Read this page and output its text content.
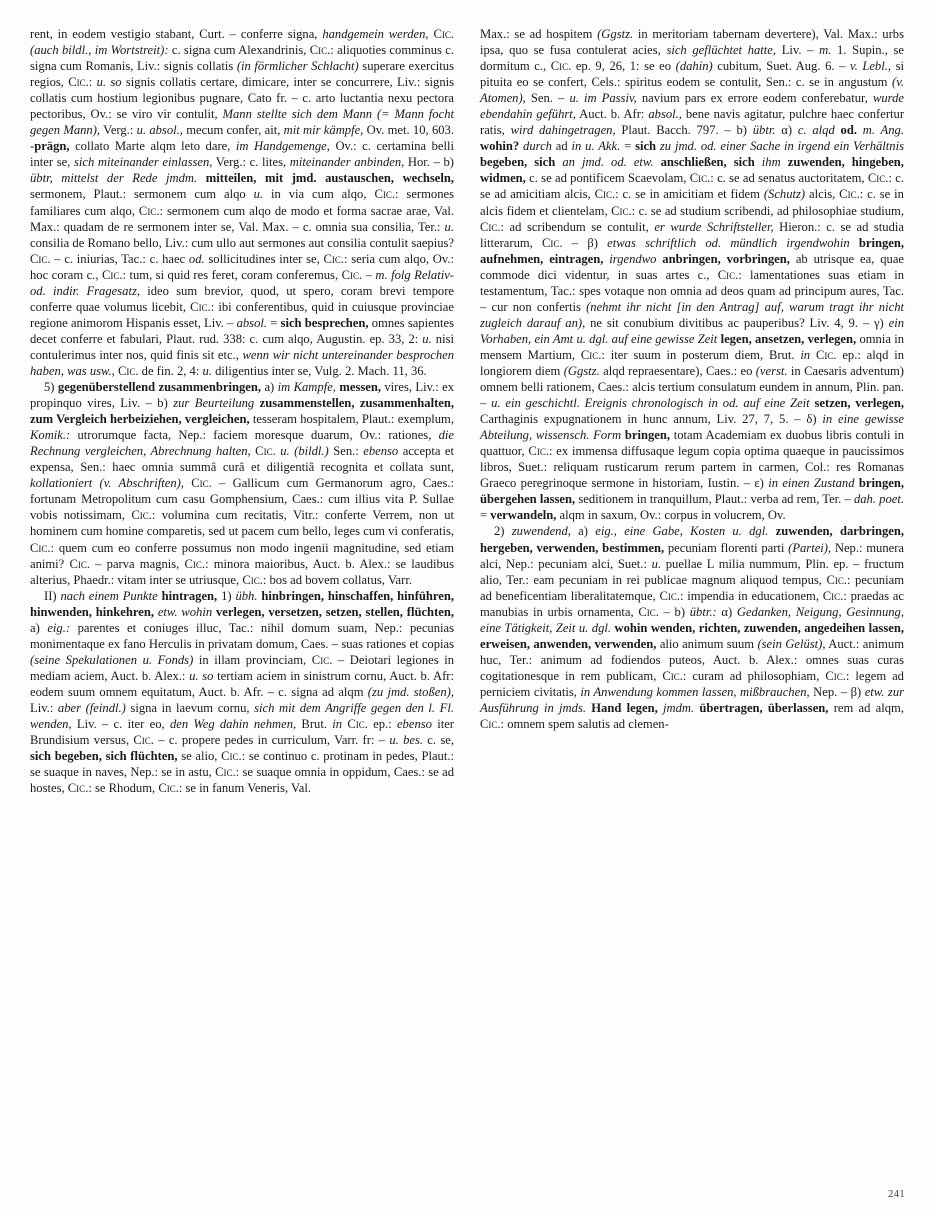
rent, in eodem vestigio stabant, Curt. – conferre signa, handgemein werden, Cic. (auch bildl., im Wortstreit): c. signa cum Alexandrinis, Cic.: aliquoties comminus c. signa cum Romanis, Liv.: signis collatis (in förmlicher Schlacht) superare exercitus regios, Cic.: u. so signis collatis certare, dimicare, inter se concurrere, Liv.: signis collatis cum hostium legionibus pugnare, Cato fr. – c. arto luctantia nexu pectora pectoribus, Ov.: se viro vir contulit, Mann stellte sich dem Mann (= Mann focht gegen Mann), Verg.: u. absol., mecum confer, ait, mit mir kämpfe, Ov. met. 10, 603. -prägn, collato Marte alqm leto dare, im Handgemenge, Ov.: c. certamina belli inter se, sich miteinander einlassen, Verg.: c. lites, miteinander anbinden, Hor. – b) übtr, mittelst der Rede jmdm. mitteilen, mit jmd. austauschen, wechseln, sermonem, Plaut.: sermonem cum alqo u. in via cum alqo, Cic.: sermones familiares cum alqo, Cic.: sermonem cum alqo de modo et forma sacrae arae, Val. Max.: quadam de re sermonem inter se, Val. Max. – c. omnia sua consilia, Ter.: u. consilia de Romano bello, Liv.: cum ullo aut sermones aut consilia contulit saepius? Cic. – c. iniurias, Tac.: c. haec od. sollicitudines inter se, Cic.: seria cum alqo, Ov.: hoc coram c., Cic.: tum, si quid res feret, coram conferemus, Cic. – m. folg Relativ- od. indir. Fragesatz, ideo sum brevior, quod, ut spero, coram brevi tempore conferre quae volumus licebit, Cic.: ibi conferentibus, quid in cuiusque provinciae regione animorom Hispanis esset, Liv. – absol. = sich besprechen, omnes sapientes decet conferre et fabulari, Plaut. rud. 338: c. cum alqo, Augustin. ep. 33, 2: u. nisi contulerimus inter nos, quid finis sit etc., wenn wir nicht untereinander besprochen haben, was usw., Cic. de fin. 2, 4: u. diligentius inter se, Vulg. 2. Mach. 11, 36.

5) gegenüberstellend zusammenbringen, a) im Kampfe, messen, vires, Liv.: ex propinquo vires, Liv. – b) zur Beurteilung zusammenstellen, zusammenhalten, zum Vergleich herbeiziehen, vergleichen, tesseram hospitalem, Plaut.: exemplum, Komik.: utrorumque facta, Nep.: faciem moresque duarum, Ov.: rationes, die Rechnung vergleichen, Abrechnung halten, Cic. u. (bildl.) Sen.: ebenso accepta et expensa, Sen.: haec omnia summâ curâ et diligentiâ recognita et collata sunt, kollationiert (v. Abschriften), Cic. – Gallicum cum Germanorum agro, Caes.: fortunam Metropolitum cum casu Gomphensium, Caes.: cum illius vita P. Sullae vobis notissimam, Cic.: volumina cum recitatis, Vitr.: conferte Verrem, non ut hominem cum homine comparetis, sed ut pacem cum bello, leges cum vi conferatis, Cic.: quem cum eo conferre possumus non modo ingenii magnitudine, sed etiam animi? Cic. – parva magnis, Cic.: minora maioribus, Auct. b. Alex.: se laudibus alterius, Phaedr.: vitam inter se utriusque, Cic.: bos ad bovem collatus, Varr.

II) nach einem Punkte hintragen, 1) übh. hinbringen, hinschaffen, hinführen, hinwenden, hinkehren, etw. wohin verlegen, versetzen, setzen, stellen, flüchten, a) eig.: parentes et coniuges illuc, Tac.: nihil domum suam, Nep.: pecunias monimentaque ex fano Herculis in privatam domum, Caes. – suas rationes et copias (seine Spekulationen u. Fonds) in illam provinciam, Cic. – Deiotari legiones in mediam aciem, Auct. b. Alex.: u. so tertiam aciem in sinistrum cornu, Auct. b. Afr: eodem suum omnem equitatum, Auct. b. Afr. – c. signa ad alqm (zu jmd. stoßen), Liv.: aber (feindl.) signa in laevum cornu, sich mit dem Angriffe gegen den l. Fl. wenden, Liv. – c. iter eo, den Weg dahin nehmen, Brut. in Cic. ep.: ebenso iter Brundisium versus, Cic. – c. propere pedes in curriculum, Varr. fr: – u. bes. c. se, sich begeben, sich flüchten, se alio, Cic.: se continuo c. protinam in pedes, Plaut.: se suaque in naves, Nep.: se in astu, Cic.: se suaque omnia in oppidum, Caes.: se ad hostes, Cic.: se Rhodum, Cic.: se in fanum Veneris, Val.

Max.: se ad hospitem (Ggstz. in meritoriam tabernam devertere), Val. Max.: urbs ipsa, quo se fusa contulerat acies, sich geflüchtet hatte, Liv. – m. 1. Supin., se dormitum c., Cic. ep. 9, 26, 1: se eo (dahin) cubitum, Suet. Aug. 6. – v. Lebl., si pituita eo se confert, Cels.: spiritus eodem se contulit, Sen.: c. se in angustum (v. Atomen), Sen. – u. im Passiv, navium pars ex errore eodem conferebatur, wurde ebendahin geführt, Auct. b. Afr: absol., bene navis agitatur, pulchre haec confertur ratis, wird dahingetragen, Plaut. Bacch. 797. – b) übtr. α) c. alqd od. m. Ang. wohin? durch ad in u. Akk. = sich zu jmd. od. einer Sache in irgend ein Verhältnis begeben, sich an jmd. od. etw. anschließen, sich ihm zuwenden, hingeben, widmen, c. se ad pontificem Scaevolam, Cic.: c. se ad senatus auctoritatem, Cic.: c. se ad amicitiam alcis, Cic.: c. se in amicitiam et fidem (Schutz) alcis, Cic.: c. se in alcis fidem et clientelam, Cic.: c. se ad studium scribendi, ad philosophiae studium, Cic.: ad scribendum se contulit, er wurde Schriftsteller, Hieron.: c. se ad studia litterarum, Cic. – β) etwas schriftlich od. mündlich irgendwohin bringen, aufnehmen, eintragen, irgendwo anbringen, vorbringen, ab utrisque ea, quae commode dici videntur, in suas artes c., Cic.: lamentationes suas etiam in testamentum, Tac.: spes votaque non omnia ad deos quam ad principum aures, Tac. – cur non confertis (nehmt ihr nicht [in den Antrag] auf, warum tragt ihr nicht zugleich darauf an), ne sit conubium divitibus ac pauperibus? Liv. 4, 9. – γ) ein Vorhaben, ein Amt u. dgl. auf eine gewisse Zeit legen, ansetzen, verlegen, omnia in mensem Martium, Cic.: iter suum in posterum diem, Brut. in Cic. ep.: alqd in longiorem diem (Ggstz. alqd repraesentare), Caes.: eo (verst. in Caesaris adventum) omnem belli rationem, Caes.: alcis tertium consulatum eundem in annum, Plin. pan. – u. ein geschichtl. Ereignis chronologisch in od. auf eine Zeit setzen, verlegen, Carthaginis expugnationem in hunc annum, Liv. 27, 7, 5. – δ) in eine gewisse Abteilung, wissensch. Form bringen, totam Academiam ex duobus libris contuli in quattuor, Cic.: ex immensa diffusaque legum copia optima quaeque in paucissimos libros, Suet.: reliquam rusticarum rerum partem in carmen, Col.: res Romanas Graeco peregrinoque sermone in historiam, Iustin. – ε) in einen Zustand bringen, übergehen lassen, seditionem in tranquillum, Plaut.: verba ad rem, Ter. – dah. poet. = verwandeln, alqm in saxum, Ov.: corpus in volucrem, Ov.

2) zuwendend, a) eig., eine Gabe, Kosten u. dgl. zuwenden, darbringen, hergeben, verwenden, bestimmen, pecuniam florenti parti (Partei), Nep.: munera alci, Nep.: pecuniam alci, Suet.: u. puellae L milia nummum, Plin. ep. – fructum alio, Ter.: eam pecuniam in rei publicae magnum aliquod tempus, Cic.: pecuniam ad beneficentiam liberalitatemque, Cic.: impendia in educationem, Cic.: praedas ac manubias in urbis ornamenta, Cic. – b) übtr.: α) Gedanken, Neigung, Gesinnung, eine Tätigkeit, Zeit u. dgl. wohin wenden, richten, zuwenden, angedeihen lassen, erweisen, anwenden, verwenden, alio animum suum (sein Gelüst), Auct.: animum huc, Ter.: animum ad fodiendos puteos, Auct. b. Alex.: omnes suas curas cogitationesque in rem publicam, Cic.: curam ad philosophiam, Cic.: legem ad perniciem civitatis, in Anwendung kommen lassen, mißbrauchen, Nep. – β) etw. zur Ausführung in jmds. Hand legen, jmdm. übertragen, überlassen, rem ad alqm, Cic.: omnem spem salutis ad clemen-

241
